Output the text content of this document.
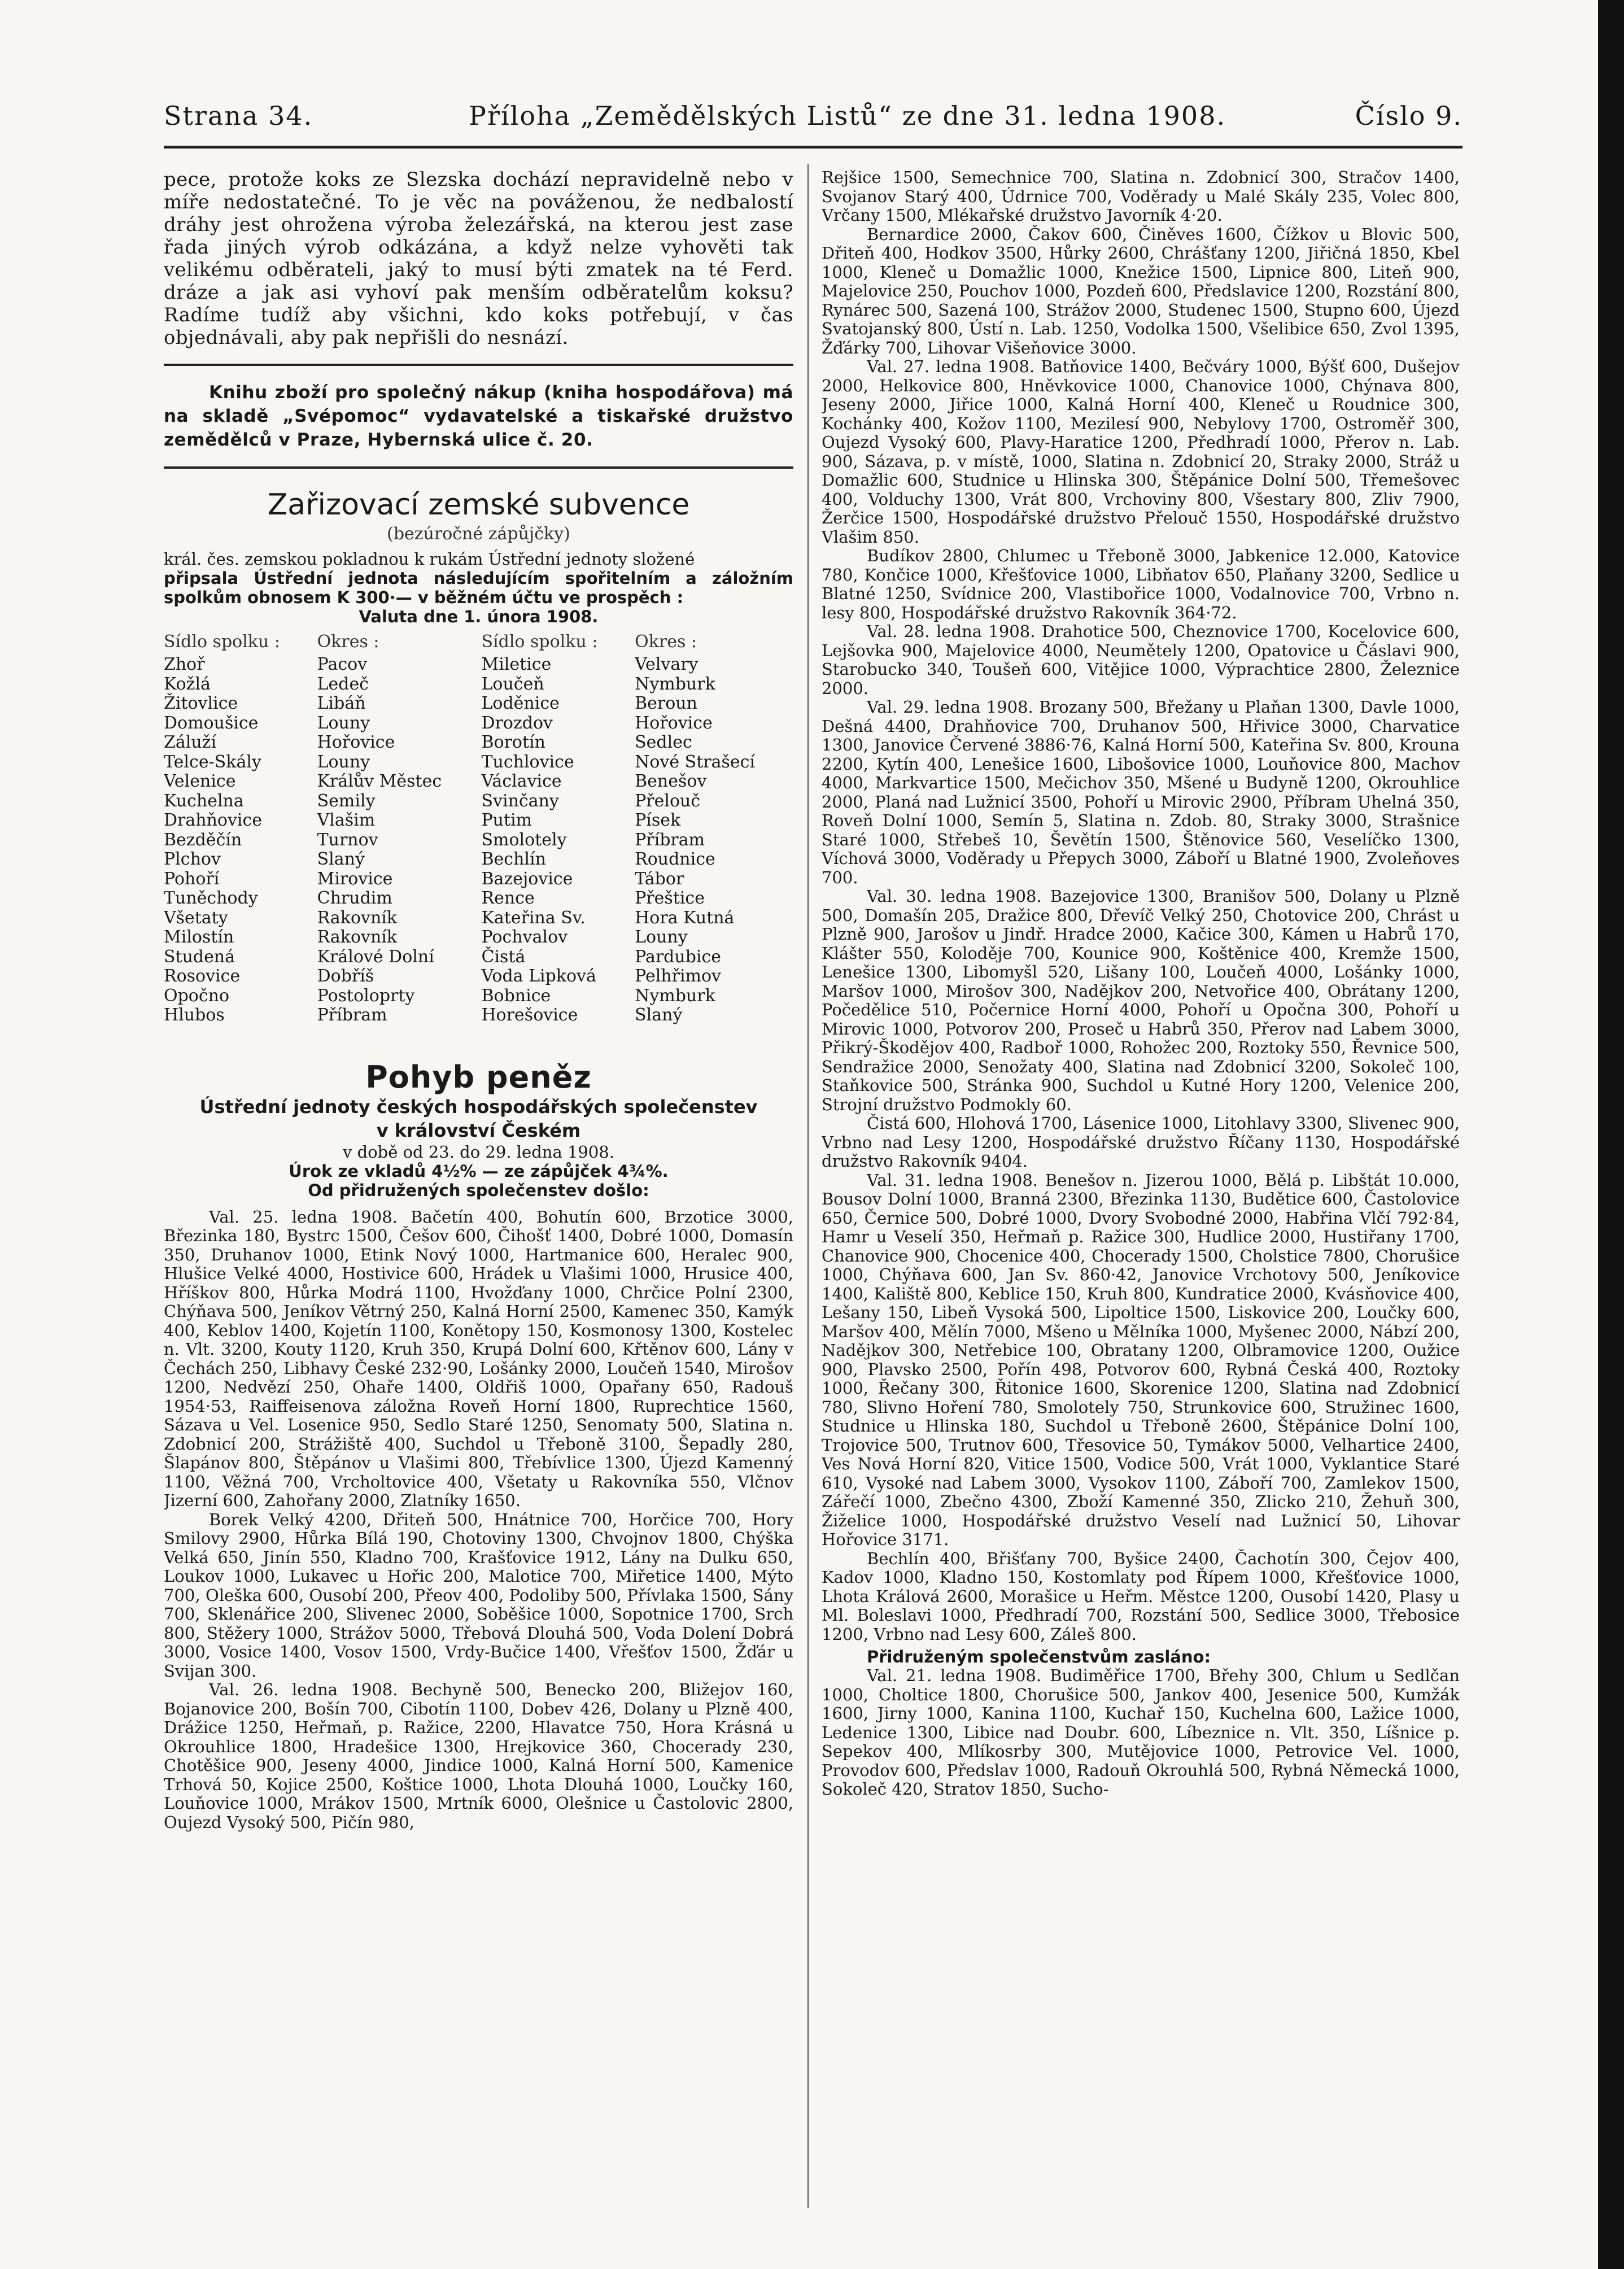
Strana 34.	Příloha „Zemědělských Listů“ ze dne 31. ledna 1908.	Číslo 9.

pece, protože koks ze Slezska dochází nepravidelně nebo v míře nedostatečné. To je věc na pováženou, že nedbalostí dráhy jest ohrožena výroba železářská, na kterou jest zase řada jiných výrob odkázána, a když nelze vyhověti tak velikému odběrateli, jaký to musí býti zmatek na té Ferd. dráze a jak asi vyhoví pak menším odběratelům koksu? Radíme tudíž aby všichni, kdo koks potřebují, v čas objednávali, aby pak nepřišli do nesnází.

Knihu zboží pro společný nákup (kniha hospodářova) má na skladě „Svépomoc“ vydavatelské a tiskařské družstvo zemědělců v Praze, Hybernská ulice č. 20.

Zařizovací zemské subvence
(bezúročné zápůjčky)

král. čes. zemskou pokladnou k rukám Ústřední jednoty složené

připsala Ústřední jednota následujícím spořitelním a záložním spolkům obnosem K 300·— v běžném účtu ve prospěch :

Valuta dne 1. února 1908.

Sídlo spolku :	Okres :	Sídlo spolku :	Okres :
Zhoř	Pacov	Miletice	Velvary
Kožlá	Ledeč	Loučeň	Nymburk
Žitovlice	Libáň	Loděnice	Beroun
Domoušice	Louny	Drozdov	Hořovice
Záluží	Hořovice	Borotín	Sedlec
Telce-Skály	Louny	Tuchlovice	Nové Strašecí
Velenice	Králův Městec	Václavice	Benešov
Kuchelna	Semily	Svinčany	Přelouč
Drahňovice	Vlašim	Putim	Písek
Bezděčín	Turnov	Smolotely	Příbram
Plchov	Slaný	Bechlín	Roudnice
Pohoří	Mirovice	Bazejovice	Tábor
Tuněchody	Chrudim	Rence	Přeštice
Všetaty	Rakovník	Kateřina Sv.	Hora Kutná
Milostín	Rakovník	Pochvalov	Louny
Studená	Králové Dolní	Čistá	Pardubice
Rosovice	Dobříš	Voda Lipková	Pelhřimov
Opočno	Postoloprty	Bobnice	Nymburk
Hlubos	Příbram	Horešovice	Slaný
Pohyb peněz
Ústřední jednoty českých hospodářských společenstev
v království Českém
v době od 23. do 29. ledna 1908.
Úrok ze vkladů 4½% — ze zápůjček 4¾%.
Od přidružených společenstev došlo:

Val. 25. ledna 1908. Bačetín 400, Bohutín 600, Brzotice 3000, Březinka 180, Bystrc 1500, Češov 600, Čihošť 1400, Dobré 1000, Domasín 350, Druhanov 1000, Etink Nový 1000, Hartmanice 600, Heralec 900, Hlušice Velké 4000, Hostivice 600, Hrádek u Vlašimi 1000, Hrusice 400, Hříškov 800, Hůrka Modrá 1100, Hvožďany 1000, Chrčice Polní 2300, Chýňava 500, Jeníkov Větrný 250, Kalná Horní 2500, Kamenec 350, Kamýk 400, Keblov 1400, Kojetín 1100, Konětopy 150, Kosmonosy 1300, Kostelec n. Vlt. 3200, Kouty 1120, Kruh 350, Krupá Dolní 600, Křtěnov 600, Lány v Čechách 250, Libhavy České 232·90, Lošánky 2000, Loučeň 1540, Mirošov 1200, Nedvězí 250, Ohaře 1400, Oldřiš 1000, Opařany 650, Radouš 1954·53, Raiffeisenova záložna Roveň Horní 1800, Ruprechtice 1560, Sázava u Vel. Losenice 950, Sedlo Staré 1250, Senomaty 500, Slatina n. Zdobnicí 200, Strážiště 400, Suchdol u Třeboně 3100, Šepadly 280, Šlapánov 800, Štěpánov u Vlašimi 800, Třebívlice 1300, Újezd Kamenný 1100, Věžná 700, Vrcholtovice 400, Všetaty u Rakovníka 550, Vlčnov Jizerní 600, Zahořany 2000, Zlatníky 1650.

Borek Velký 4200, Dřiteň 500, Hnátnice 700, Horčice 700, Hory Smilovy 2900, Hůrka Bílá 190, Chotoviny 1300, Chvojnov 1800, Chýška Velká 650, Jinín 550, Kladno 700, Krašťovice 1912, Lány na Dulku 650, Loukov 1000, Lukavec u Hořic 200, Malotice 700, Miřetice 1400, Mýto 700, Oleška 600, Ousobí 200, Přeov 400, Podoliby 500, Přívlaka 1500, Sány 700, Sklenářice 200, Slivenec 2000, Soběšice 1000, Sopotnice 1700, Srch 800, Stěžery 1000, Strážov 5000, Třebová Dlouhá 500, Voda Dolení Dobrá 3000, Vosice 1400, Vosov 1500, Vrdy-Bučice 1400, Vřešťov 1500, Žďár u Svijan 300.

Val. 26. ledna 1908. Bechyně 500, Benecko 200, Bližejov 160, Bojanovice 200, Bošín 700, Cibotín 1100, Dobev 426, Dolany u Plzně 400, Drážice 1250, Heřmaň, p. Ražice, 2200, Hlavatce 750, Hora Krásná u Okrouhlice 1800, Hradešice 1300, Hrejkovice 360, Chocerady 230, Chotěšice 900, Jeseny 4000, Jindice 1000, Kalná Horní 500, Kamenice Trhová 50, Kojice 2500, Koštice 1000, Lhota Dlouhá 1000, Loučky 160, Louňovice 1000, Mrákov 1500, Mrtník 6000, Olešnice u Častolovic 2800, Oujezd Vysoký 500, Pičín 980,

Rejšice 1500, Semechnice 700, Slatina n. Zdobnicí 300, Stračov 1400, Svojanov Starý 400, Údrnice 700, Voděrady u Malé Skály 235, Volec 800, Vrčany 1500, Mlékařské družstvo Javorník 4·20.

Bernardice 2000, Čakov 600, Činěves 1600, Čížkov u Blovic 500, Dřiteň 400, Hodkov 3500, Hůrky 2600, Chrášťany 1200, Jiřičná 1850, Kbel 1000, Kleneč u Domažlic 1000, Knežice 1500, Lipnice 800, Liteň 900, Majelovice 250, Pouchov 1000, Pozdeň 600, Předslavice 1200, Rozstání 800, Rynárec 500, Sazená 100, Strážov 2000, Studenec 1500, Stupno 600, Újezd Svatojanský 800, Ústí n. Lab. 1250, Vodolka 1500, Všelibice 650, Zvol 1395, Žďárky 700, Lihovar Višeňovice 3000.

Val. 27. ledna 1908. Batňovice 1400, Bečváry 1000, Býšť 600, Dušejov 2000, Helkovice 800, Hněvkovice 1000, Chanovice 1000, Chýnava 800, Jeseny 2000, Jiřice 1000, Kalná Horní 400, Kleneč u Roudnice 300, Kochánky 400, Kožov 1100, Mezilesí 900, Nebylovy 1700, Ostroměř 300, Oujezd Vysoký 600, Plavy-Haratice 1200, Předhradí 1000, Přerov n. Lab. 900, Sázava, p. v místě, 1000, Slatina n. Zdobnicí 20, Straky 2000, Stráž u Domažlic 600, Studnice u Hlinska 300, Štěpánice Dolní 500, Třemešovec 400, Volduchy 1300, Vrát 800, Vrchoviny 800, Všestary 800, Zliv 7900, Žerčice 1500, Hospodářské družstvo Přelouč 1550, Hospodářské družstvo Vlašim 850.

Budíkov 2800, Chlumec u Třeboně 3000, Jabkenice 12.000, Katovice 780, Končice 1000, Křešťovice 1000, Libňatov 650, Plaňany 3200, Sedlice u Blatné 1250, Svídnice 200, Vlastibořice 1000, Vodalnovice 700, Vrbno n. lesy 800, Hospodářské družstvo Rakovník 364·72.

Val. 28. ledna 1908. Drahotice 500, Cheznovice 1700, Kocelovice 600, Lejšovka 900, Majelovice 4000, Neumětely 1200, Opatovice u Čáslavi 900, Starobucko 340, Toušeň 600, Vitějice 1000, Výprachtice 2800, Železnice 2000.

Val. 29. ledna 1908. Brozany 500, Břežany u Plaňan 1300, Davle 1000, Dešná 4400, Drahňovice 700, Druhanov 500, Hřivice 3000, Charvatice 1300, Janovice Červené 3886·76, Kalná Horní 500, Kateřina Sv. 800, Krouna 2200, Kytín 400, Lenešice 1600, Libošovice 1000, Louňovice 800, Machov 4000, Markvartice 1500, Mečichov 350, Mšené u Budyně 1200, Okrouhlice 2000, Planá nad Lužnicí 3500, Pohoří u Mirovic 2900, Příbram Uhelná 350, Roveň Dolní 1000, Semín 5, Slatina n. Zdob. 80, Straky 3000, Strašnice Staré 1000, Střebeš 10, Ševětín 1500, Štěnovice 560, Veselíčko 1300, Víchová 3000, Voděrady u Přepych 3000, Záboří u Blatné 1900, Zvoleňoves 700.

Val. 30. ledna 1908. Bazejovice 1300, Branišov 500, Dolany u Plzně 500, Domašín 205, Dražice 800, Dřevíč Velký 250, Chotovice 200, Chrást u Plzně 900, Jarošov u Jindř. Hradce 2000, Kačice 300, Kámen u Habrů 170, Klášter 550, Koloděje 700, Kounice 900, Koštěnice 400, Kremže 1500, Lenešice 1300, Libomyšl 520, Lišany 100, Loučeň 4000, Lošánky 1000, Maršov 1000, Mirošov 300, Nadějkov 200, Netvořice 400, Obrátany 1200, Počedělice 510, Počernice Horní 4000, Pohoří u Opočna 300, Pohoří u Mirovic 1000, Potvorov 200, Proseč u Habrů 350, Přerov nad Labem 3000, Přikrý-Škodějov 400, Radboř 1000, Rohožec 200, Roztoky 550, Řevnice 500, Sendražice 2000, Senožaty 400, Slatina nad Zdobnicí 3200, Sokoleč 100, Staňkovice 500, Stránka 900, Suchdol u Kutné Hory 1200, Velenice 200, Strojní družstvo Podmokly 60.

Čistá 600, Hlohová 1700, Lásenice 1000, Litohlavy 3300, Slivenec 900, Vrbno nad Lesy 1200, Hospodářské družstvo Říčany 1130, Hospodářské družstvo Rakovník 9404.

Val. 31. ledna 1908. Benešov n. Jizerou 1000, Bělá p. Libštát 10.000, Bousov Dolní 1000, Branná 2300, Březinka 1130, Budětice 600, Častolovice 650, Černice 500, Dobré 1000, Dvory Svobodné 2000, Habřina Vlčí 792·84, Hamr u Veselí 350, Heřmaň p. Ražice 300, Hudlice 2000, Hustiřany 1700, Chanovice 900, Chocenice 400, Chocerady 1500, Cholstice 7800, Chorušice 1000, Chýňava 600, Jan Sv. 860·42, Janovice Vrchotovy 500, Jeníkovice 1400, Kaliště 800, Keblice 150, Kruh 800, Kundratice 2000, Kvásňovice 400, Lešany 150, Libeň Vysoká 500, Lipoltice 1500, Liskovice 200, Loučky 600, Maršov 400, Mělín 7000, Mšeno u Mělníka 1000, Myšenec 2000, Nábzí 200, Nadějkov 300, Netřebice 100, Obratany 1200, Olbramovice 1200, Oužice 900, Plavsko 2500, Pořín 498, Potvorov 600, Rybná Česká 400, Roztoky 1000, Řečany 300, Řitonice 1600, Skorenice 1200, Slatina nad Zdobnicí 780, Slivno Hoření 780, Smolotely 750, Strunkovice 600, Stružinec 1600, Studnice u Hlinska 180, Suchdol u Třeboně 2600, Štěpánice Dolní 100, Trojovice 500, Trutnov 600, Třesovice 50, Tymákov 5000, Velhartice 2400, Ves Nová Horní 820, Vitice 1500, Vodice 500, Vrát 1000, Vyklantice Staré 610, Vysoké nad Labem 3000, Vysokov 1100, Záboří 700, Zamlekov 1500, Zářečí 1000, Zbečno 4300, Zboží Kamenné 350, Zlicko 210, Žehuň 300, Žiželice 1000, Hospodářské družstvo Veselí nad Lužnicí 50, Lihovar Hořovice 3171.

Bechlín 400, Břišťany 700, Byšice 2400, Čachotín 300, Čejov 400, Kadov 1000, Kladno 150, Kostomlaty pod Řípem 1000, Křešťovice 1000, Lhota Králová 2600, Morašice u Heřm. Městce 1200, Ousobí 1420, Plasy u Ml. Boleslavi 1000, Předhradí 700, Rozstání 500, Sedlice 3000, Třebosice 1200, Vrbno nad Lesy 600, Záleš 800.

Přidruženým společenstvům zasláno:

Val. 21. ledna 1908. Budiměřice 1700, Břehy 300, Chlum u Sedlčan 1000, Choltice 1800, Chorušice 500, Jankov 400, Jesenice 500, Kumžák 1600, Jirny 1000, Kanina 1100, Kuchař 150, Kuchelna 600, Lažice 1000, Ledenice 1300, Libice nad Doubr. 600, Líbeznice n. Vlt. 350, Líšnice p. Sepekov 400, Mlíkosrby 300, Mutějovice 1000, Petrovice Vel. 1000, Provodov 600, Předslav 1000, Radouň Okrouhlá 500, Rybná Německá 1000, Sokoleč 420, Stratov 1850, Sucho-
